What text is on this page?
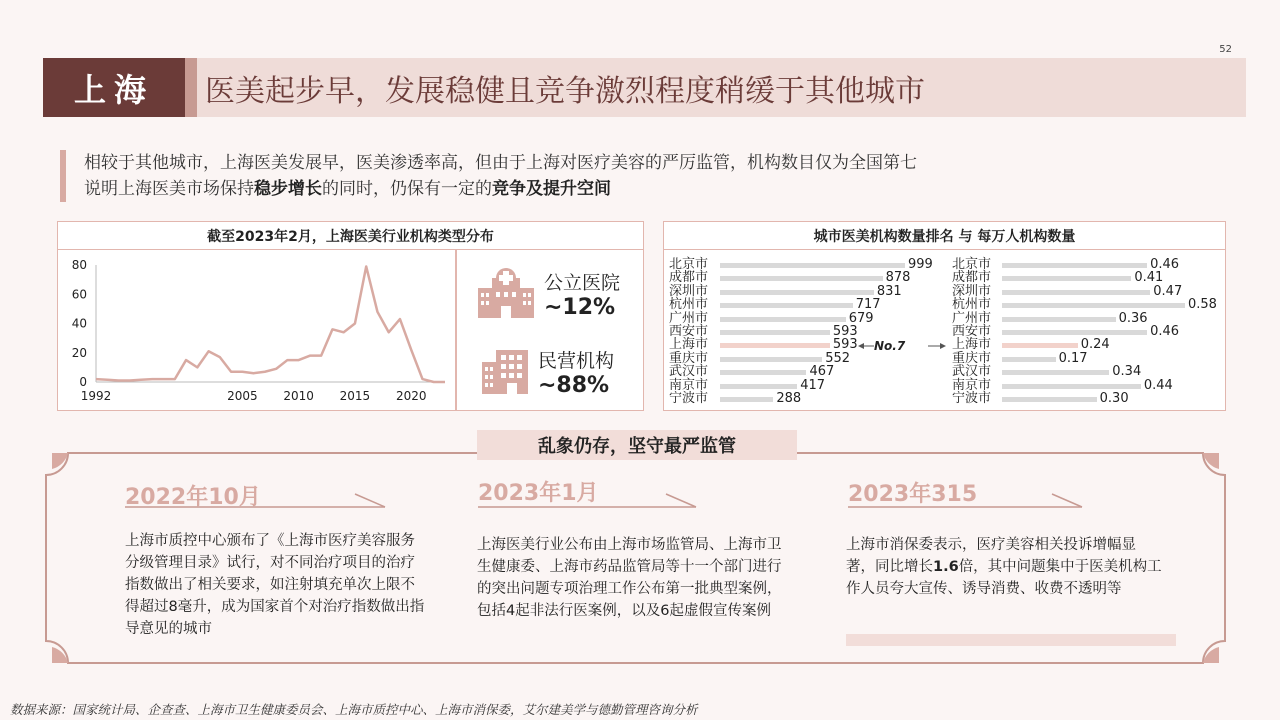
52
上海	医美起步早，发展稳健且竞争激烈程度稍缓于其他城市
相较于其他城市，上海医美发展早，医美渗透率高，但由于上海对医疗美容的严厉监管，机构数目仅为全国第七
说明上海医美市场保持稳步增长的同时，仍保有一定的竞争及提升空间
截至2023年2月，上海医美行业机构类型分布
0
20
40
60
80
1992	2005 2010 2015 2020
公立医院
~12%
民营机构
~88%
城市医美机构数量排名 与 每万人机构数量
北京市	999
成都市	878
深圳市	831
杭州市	717
广州市	679
西安市	593
上海市	593
重庆市	552
武汉市	467
南京市	417
宁波市	288
北京市	0.46
成都市	0.41
深圳市	0.47
杭州市	0.58
广州市	0.36
西安市	0.46
上海市	0.24
重庆市	0.17
武汉市	0.34
南京市	0.44
宁波市	0.30
No.7
乱象仍存，坚守最严监管
2022年10月
上海市质控中心颁布了《上海市医疗美容服务分级管理目录》试行，对不同治疗项目的治疗指数做出了相关要求，如注射填充单次上限不得超过8毫升，成为国家首个对治疗指数做出指导意见的城市
2023年1月
上海医美行业公布由上海市场监管局、上海市卫生健康委、上海市药品监管局等十一个部门进行的突出问题专项治理工作公布第一批典型案例，包括4起非法行医案例，以及6起虚假宣传案例
2023年315
上海市消保委表示，医疗美容相关投诉增幅显著，同比增长1.6倍，其中问题集中于医美机构工作人员夸大宣传、诱导消费、收费不透明等
数据来源：国家统计局、企查查、上海市卫生健康委员会、上海市质控中心、上海市消保委，艾尔建美学与德勤管理咨询分析
